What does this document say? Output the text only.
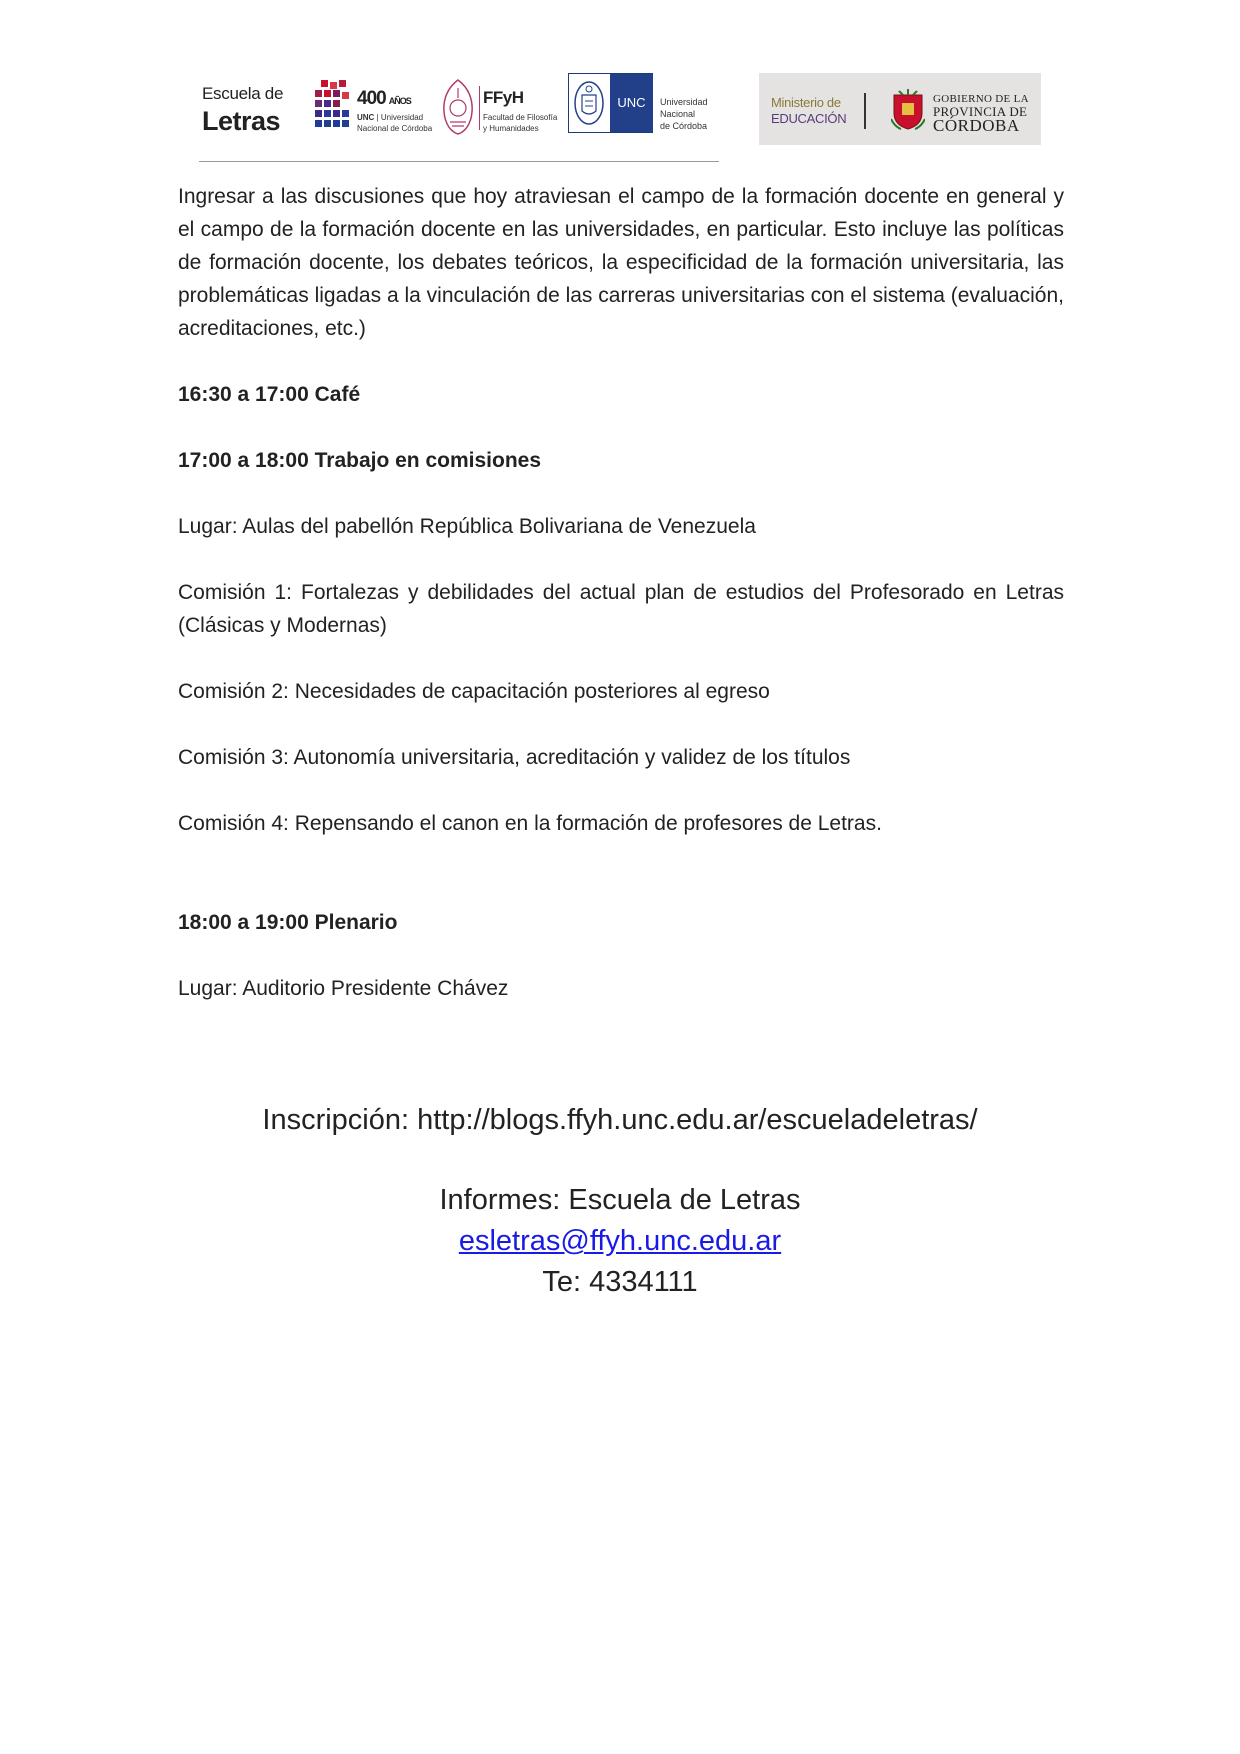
Escuela de
Letras
400 AÑOS
UNC | Universidad
Nacional de Córdoba
FFyH
Facultad de Filosofía
y Humanidades
UNC	Universidad
Nacional
de Córdoba
Ministerio de
EDUCACIÓN
GOBIERNO DE LA
PROVINCIA DE
CÓRDOBA

Ingresar a las discusiones que hoy atraviesan el campo de la formación docente en general y el campo de la formación docente en las universidades, en particular. Esto incluye las políticas de formación docente, los debates teóricos, la especificidad de la formación universitaria, las problemáticas ligadas a la vinculación de las carreras universitarias con el sistema (evaluación, acreditaciones, etc.)

16:30 a 17:00 Café

17:00 a 18:00 Trabajo en comisiones

Lugar: Aulas del pabellón República Bolivariana de Venezuela

Comisión 1: Fortalezas y debilidades del actual plan de estudios del Profesorado en Letras (Clásicas y Modernas)

Comisión 2: Necesidades de capacitación posteriores al egreso

Comisión 3: Autonomía universitaria, acreditación y validez de los títulos

Comisión 4: Repensando el canon en la formación de profesores de Letras.

18:00 a 19:00 Plenario

Lugar: Auditorio Presidente Chávez

Inscripción: http://blogs.ffyh.unc.edu.ar/escueladeletras/

Informes: Escuela de Letras

esletras@ffyh.unc.edu.ar

Te: 4334111
